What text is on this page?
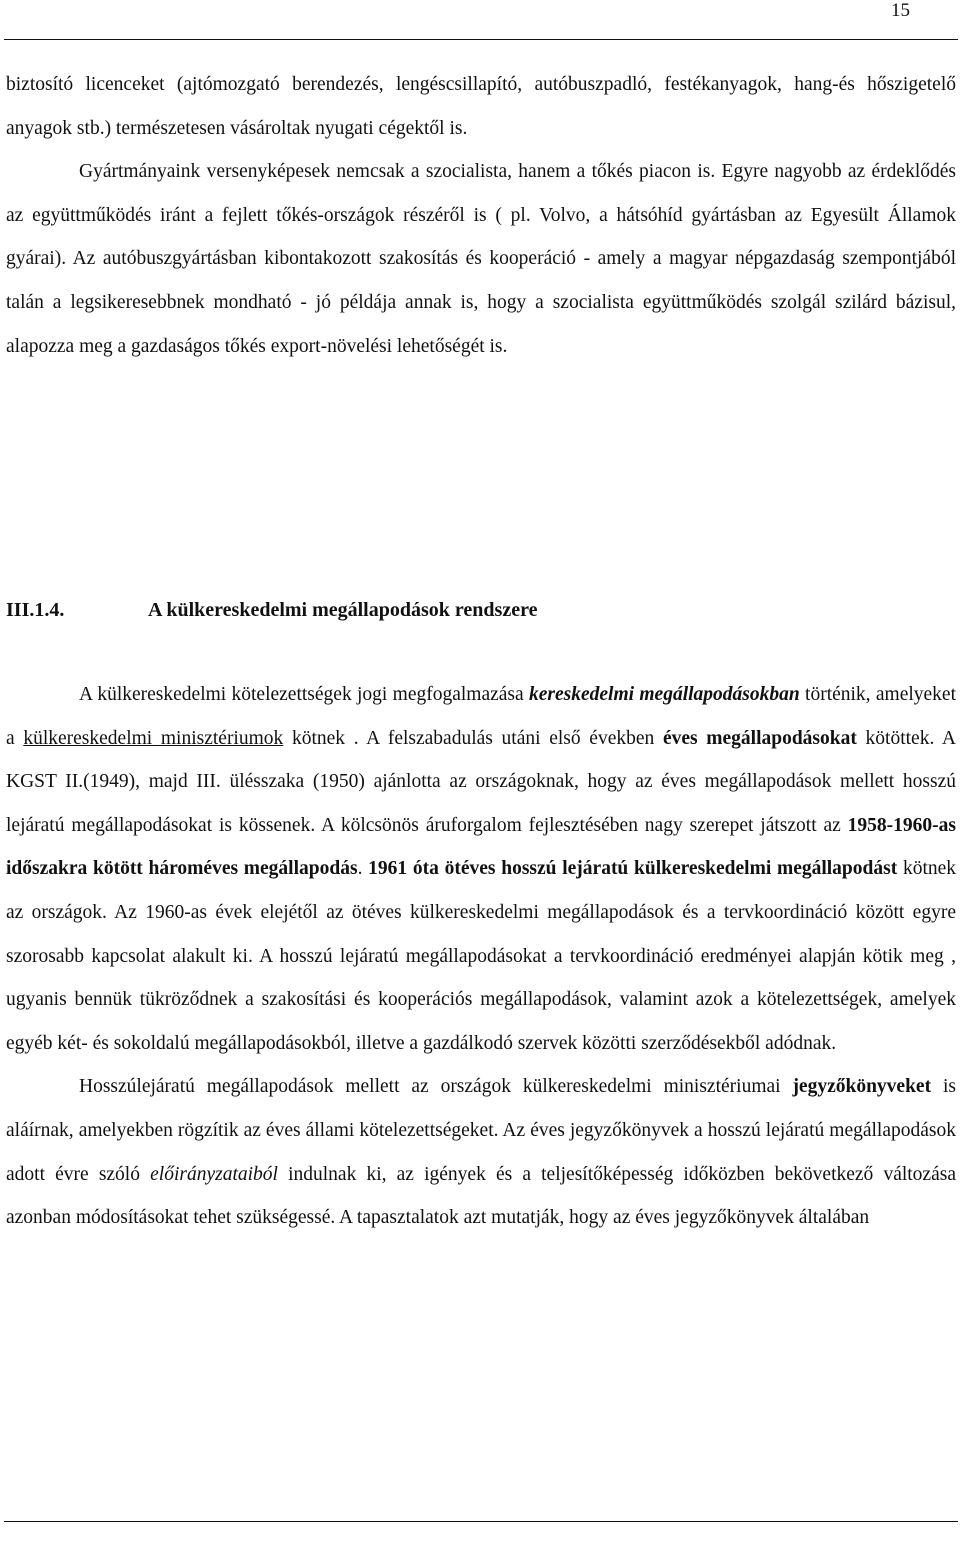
15

biztosító licenceket (ajtómozgató berendezés, lengéscsillapító, autóbuszpadló, festékanyagok, hang-és hőszigetelő anyagok stb.) természetesen vásároltak nyugati cégektől is.

Gyártmányaink versenyképesek nemcsak a szocialista, hanem a tőkés piacon is. Egyre nagyobb az érdeklődés az együttműködés iránt a fejlett tőkés-országok részéről is ( pl. Volvo, a hátsóhíd gyártásban az Egyesült Államok gyárai). Az autóbuszgyártásban kibontakozott szakosítás és kooperáció - amely a magyar népgazdaság szempontjából talán a legsikeresebbnek mondható - jó példája annak is, hogy a szocialista együttműködés szolgál szilárd bázisul, alapozza meg a gazdaságos tőkés export-növelési lehetőségét is.

III.1.4.	A külkereskedelmi megállapodások rendszere

A külkereskedelmi kötelezettségek jogi megfogalmazása kereskedelmi megállapodásokban történik, amelyeket a külkereskedelmi minisztériumok kötnek . A felszabadulás utáni első években éves megállapodásokat kötöttek. A KGST II.(1949), majd III. ülésszaka (1950) ajánlotta az országoknak, hogy az éves megállapodások mellett hosszú lejáratú megállapodásokat is kössenek. A kölcsönös áruforgalom fejlesztésében nagy szerepet játszott az 1958-1960-as időszakra kötött hároméves megállapodás. 1961 óta ötéves hosszú lejáratú külkereskedelmi megállapodást kötnek az országok. Az 1960-as évek elejétől az ötéves külkereskedelmi megállapodások és a tervkoordináció között egyre szorosabb kapcsolat alakult ki. A hosszú lejáratú megállapodásokat a tervkoordináció eredményei alapján kötik meg , ugyanis bennük tükröződnek a szakosítási és kooperációs megállapodások, valamint azok a kötelezettségek, amelyek egyéb két- és sokoldalú megállapodásokból, illetve a gazdálkodó szervek közötti szerződésekből adódnak.

Hosszúlejáratú megállapodások mellett az országok külkereskedelmi minisztériumai jegyzőkönyveket is aláírnak, amelyekben rögzítik az éves állami kötelezettségeket. Az éves jegyzőkönyvek a hosszú lejáratú megállapodások adott évre szóló előirányzataiból indulnak ki, az igények és a teljesítőképesség időközben bekövetkező változása azonban módosításokat tehet szükségessé. A tapasztalatok azt mutatják, hogy az éves jegyzőkönyvek általában
